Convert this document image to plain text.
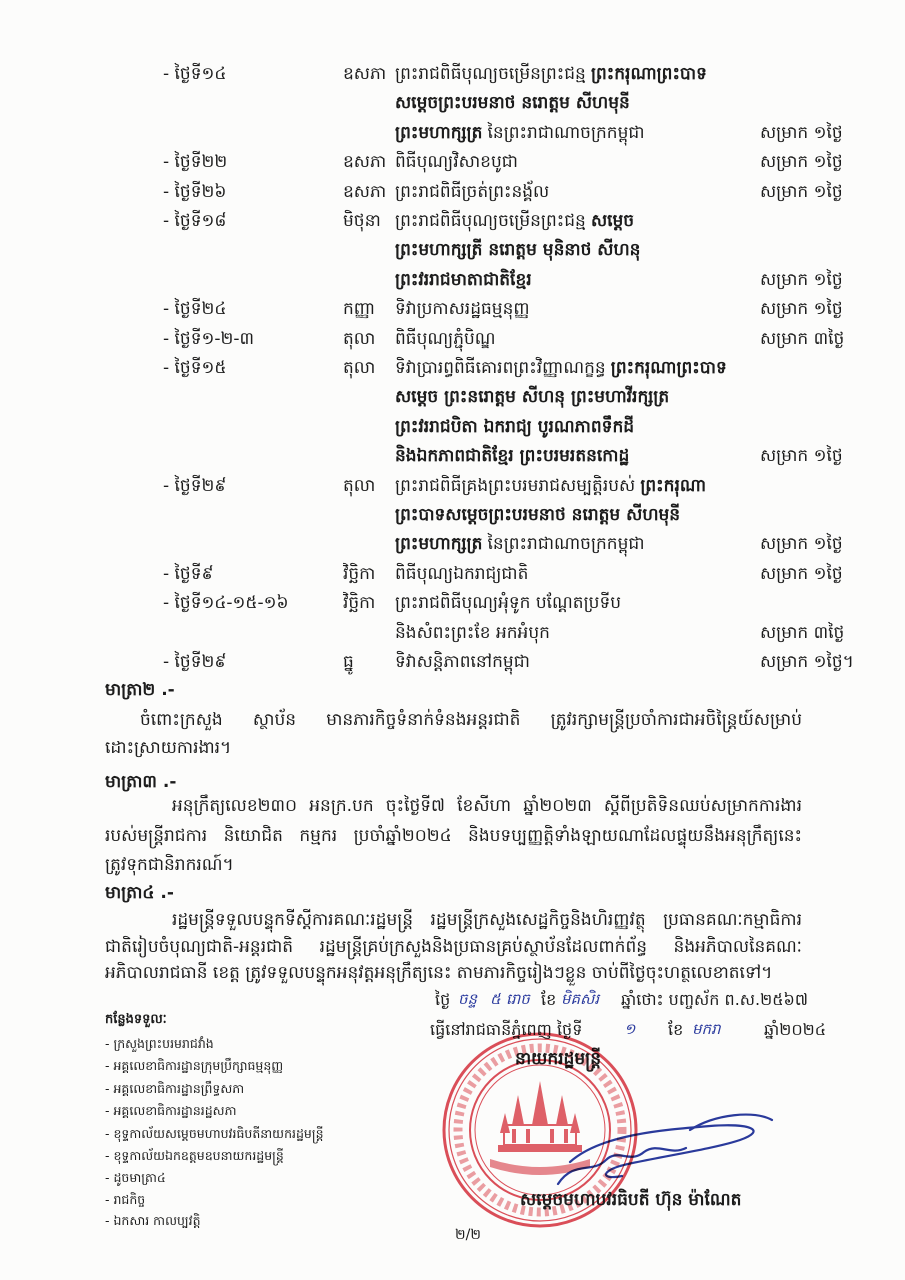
- ថ្ងៃទី១៤	ឧសភា ព្រះរាជពិធីបុណ្យចម្រើនព្រះជន្ម ព្រះករុណាព្រះបាទ
សម្ដេចព្រះបរមនាថ នរោត្តម សីហមុនី
ព្រះមហាក្សត្រ នៃព្រះរាជាណាចក្រកម្ពុជា	សម្រាក ១ថ្ងៃ
- ថ្ងៃទី២២	ឧសភា ពិធីបុណ្យវិសាខបូជា	សម្រាក ១ថ្ងៃ
- ថ្ងៃទី២៦	ឧសភា ព្រះរាជពិធីច្រត់ព្រះនង្គ័ល	សម្រាក ១ថ្ងៃ
- ថ្ងៃទី១៨	មិថុនា ព្រះរាជពិធីបុណ្យចម្រើនព្រះជន្ម សម្ដេច
ព្រះមហាក្សត្រី នរោត្តម មុនិនាថ សីហនុ
ព្រះវររាជមាតាជាតិខ្មែរ	សម្រាក ១ថ្ងៃ
- ថ្ងៃទី២៤	កញ្ញា	ទិវាប្រកាសរដ្ឋធម្មនុញ្ញ	សម្រាក ១ថ្ងៃ
- ថ្ងៃទី១-២-៣	តុលា	ពិធីបុណ្យភ្ជុំបិណ្ឌ	សម្រាក ៣ថ្ងៃ
- ថ្ងៃទី១៥	តុលា	ទិវាប្រារព្ធពិធីគោរពព្រះវិញ្ញាណក្ខន្ធ ព្រះករុណាព្រះបាទ
សម្ដេច ព្រះនរោត្តម សីហនុ ព្រះមហាវីរក្សត្រ
ព្រះវររាជបិតា ឯករាជ្យ បូរណភាពទឹកដី
និងឯកភាពជាតិខ្មែរ ព្រះបរមរតនកោដ្ឋ	សម្រាក ១ថ្ងៃ
- ថ្ងៃទី២៩	តុលា	ព្រះរាជពិធីគ្រងព្រះបរមរាជសម្បត្តិរបស់ ព្រះករុណា
ព្រះបាទសម្ដេចព្រះបរមនាថ នរោត្តម សីហមុនី
ព្រះមហាក្សត្រ នៃព្រះរាជាណាចក្រកម្ពុជា	សម្រាក ១ថ្ងៃ
- ថ្ងៃទី៩	វិច្ឆិកា	ពិធីបុណ្យឯករាជ្យជាតិ	សម្រាក ១ថ្ងៃ
- ថ្ងៃទី១៤-១៥-១៦	វិច្ឆិកា	ព្រះរាជពិធីបុណ្យអុំទូក បណ្ដែតប្រទីប
និងសំពះព្រះខែ អកអំបុក	សម្រាក ៣ថ្ងៃ
- ថ្ងៃទី២៩	ធ្នូ	ទិវាសន្តិភាពនៅកម្ពុជា	សម្រាក ១ថ្ងៃ។
មាត្រា២ .-
ចំពោះក្រសួង ស្ថាប័ន មានភារកិច្ចទំនាក់ទំនងអន្តរជាតិ ត្រូវរក្សាមន្ត្រីប្រចាំការជាអចិន្ត្រៃយ៍សម្រាប់
ដោះស្រាយការងារ។
មាត្រា៣ .-
អនុក្រឹត្យលេខ២៣០ អនក្រ.បក ចុះថ្ងៃទី៧ ខែសីហា ឆ្នាំ២០២៣ ស្តីពីប្រតិទិនឈប់សម្រាកការងារ
របស់មន្ត្រីរាជការ និយោជិត កម្មករ ប្រចាំឆ្នាំ២០២៤ និងបទប្បញ្ញត្តិទាំងឡាយណាដែលផ្ទុយនឹងអនុក្រឹត្យនេះ
ត្រូវទុកជានិរាករណ៍។
មាត្រា៤ .-
រដ្ឋមន្ត្រីទទួលបន្ទុកទីស្តីការគណៈរដ្ឋមន្ត្រី រដ្ឋមន្ត្រីក្រសួងសេដ្ឋកិច្ចនិងហិរញ្ញវត្ថុ ប្រធានគណៈកម្មាធិការ
ជាតិរៀបចំបុណ្យជាតិ-អន្តរជាតិ រដ្ឋមន្ត្រីគ្រប់ក្រសួងនិងប្រធានគ្រប់ស្ថាប័នដែលពាក់ព័ន្ធ និងអភិបាលនៃគណៈ
អភិបាលរាជធានី ខេត្ត ត្រូវទទួលបន្ទុកអនុវត្តអនុក្រឹត្យនេះ តាមភារកិច្ចរៀងៗខ្លួន ចាប់ពីថ្ងៃចុះហត្ថលេខាតទៅ។
កន្លែងទទួលៈ
- ក្រសួងព្រះបរមរាជវាំង
- អគ្គលេខាធិការដ្ឋានក្រុមប្រឹក្សាធម្មនុញ្ញ
- អគ្គលេខាធិការដ្ឋានព្រឹទ្ធសភា
- អគ្គលេខាធិការដ្ឋានរដ្ឋសភា
- ខុទ្ទកាល័យសម្តេចមហាបវរធិបតីនាយករដ្ឋមន្ត្រី
- ខុទ្ទកាល័យឯកឧត្តមឧបនាយករដ្ឋមន្ត្រី
- ដូចមាត្រា៤
- រាជកិច្ច
- ឯកសារ កាលប្បវត្តិ
ថ្ងៃ ចន្ទ ៥ រោច ខែ មិគសិរ	ឆ្នាំថោះ បញ្ចស័ក ព.ស.២៥៦៧
ធ្វើនៅរាជធានីភ្នំពេញ ថ្ងៃទី	១ ខែ មករា	ឆ្នាំ២០២៤
នាយករដ្ឋមន្ត្រី
សម្តេចមហាបវរធិបតី ហ៊ុន ម៉ាណែត
២/២
